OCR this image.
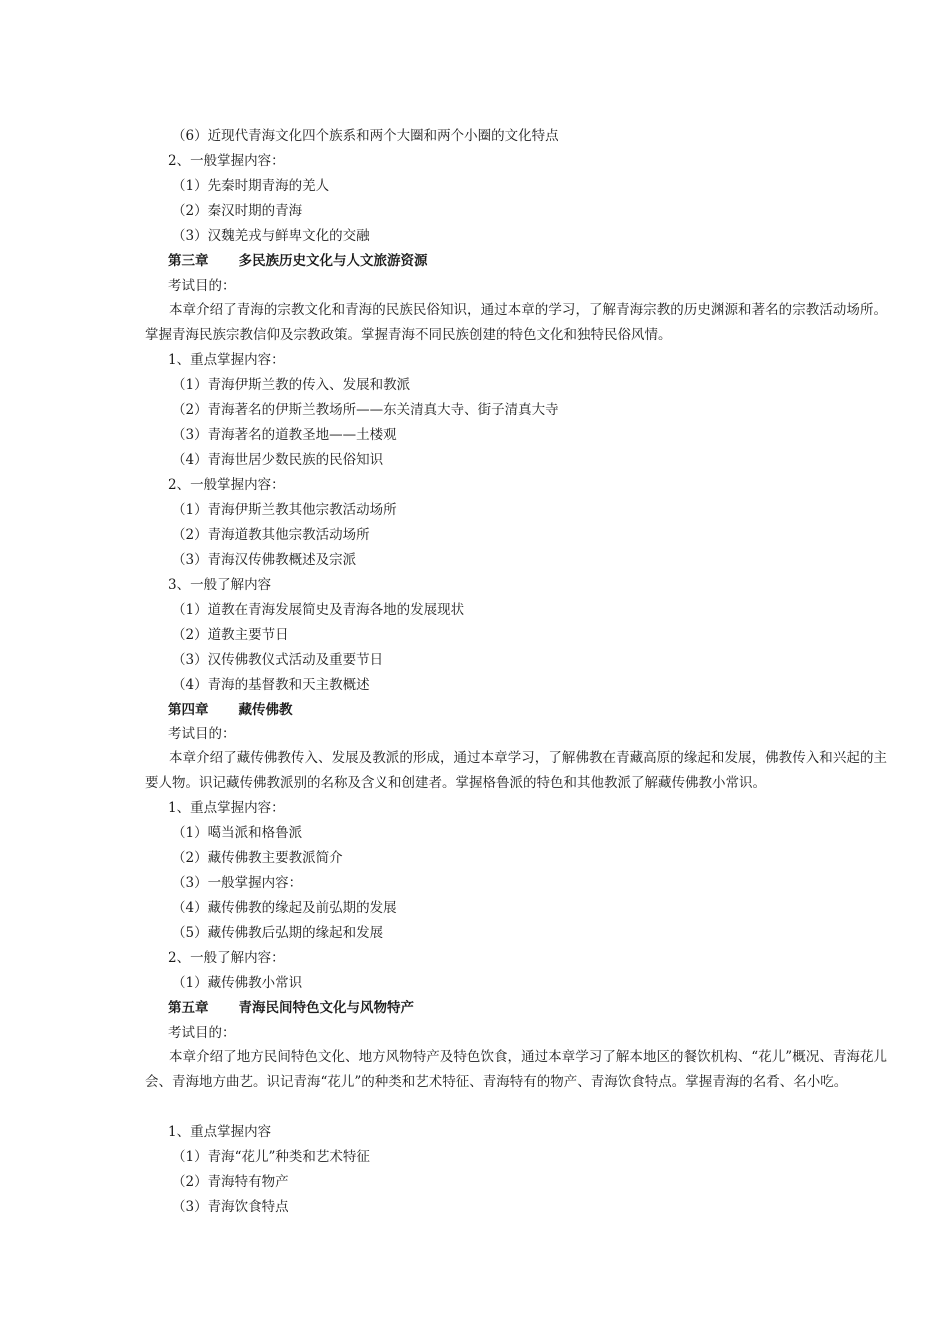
（6）近现代青海文化四个族系和两个大圈和两个小圈的文化特点
2、一般掌握内容：
（1）先秦时期青海的羌人
（2）秦汉时期的青海
（3）汉魏羌戎与鲜卑文化的交融
第三章 多民族历史文化与人文旅游资源
考试目的：
本章介绍了青海的宗教文化和青海的民族民俗知识，通过本章的学习，了解青海宗教的历史渊源和著名的宗教活动场所。掌握青海民族宗教信仰及宗教政策。掌握青海不同民族创建的特色文化和独特民俗风情。
1、重点掌握内容：
（1）青海伊斯兰教的传入、发展和教派
（2）青海著名的伊斯兰教场所——东关清真大寺、街子清真大寺
（3）青海著名的道教圣地——土楼观
（4）青海世居少数民族的民俗知识
2、一般掌握内容：
（1）青海伊斯兰教其他宗教活动场所
（2）青海道教其他宗教活动场所
（3）青海汉传佛教概述及宗派
3、一般了解内容
（1）道教在青海发展简史及青海各地的发展现状
（2）道教主要节日
（3）汉传佛教仪式活动及重要节日
（4）青海的基督教和天主教概述
第四章 藏传佛教
考试目的：
本章介绍了藏传佛教传入、发展及教派的形成，通过本章学习，了解佛教在青藏高原的缘起和发展，佛教传入和兴起的主要人物。识记藏传佛教派别的名称及含义和创建者。掌握格鲁派的特色和其他教派了解藏传佛教小常识。
1、重点掌握内容：
（1）噶当派和格鲁派
（2）藏传佛教主要教派简介
（3）一般掌握内容：
（4）藏传佛教的缘起及前弘期的发展
（5）藏传佛教后弘期的缘起和发展
2、一般了解内容：
（1）藏传佛教小常识
第五章 青海民间特色文化与风物特产
考试目的：
本章介绍了地方民间特色文化、地方风物特产及特色饮食，通过本章学习了解本地区的餐饮机构、“花儿”概况、青海花儿会、青海地方曲艺。识记青海“花儿”的种类和艺术特征、青海特有的物产、青海饮食特点。掌握青海的名肴、名小吃。
1、重点掌握内容
（1）青海“花儿”种类和艺术特征
（2）青海特有物产
（3）青海饮食特点
